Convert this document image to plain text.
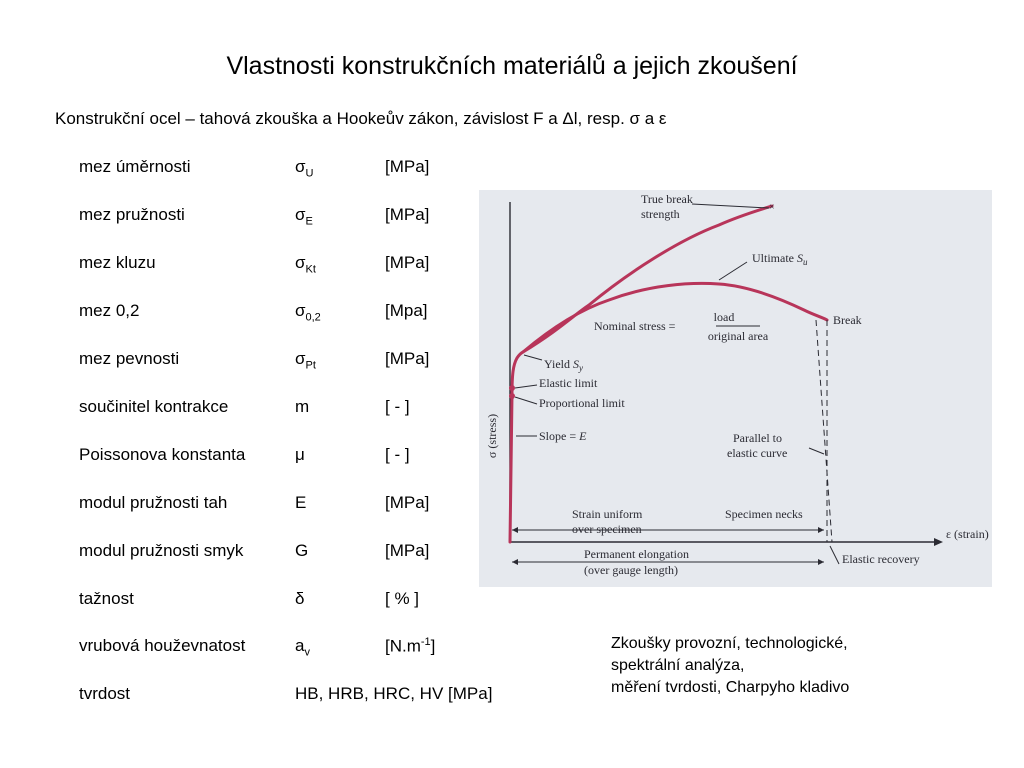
Vlastnosti konstrukčních materiálů a jejich zkoušení
Konstrukční ocel – tahová zkouška a Hookeův zákon, závislost F a Δl, resp. σ a ε
mez úměrnosti	$\sigma_U$	[MPa]
mez pružnosti	$\sigma_E$	[MPa]
mez kluzu	$\sigma_{Kt}$	[MPa]
mez 0,2	$\sigma_{0,2}$	[Mpa]
mez pevnosti	$\sigma_{Pt}$	[MPa]
součinitel kontrakce	m	[ - ]
Poissonova konstanta	μ	[ - ]
modul pružnosti tah	E	[MPa]
modul pružnosti smyk	G	[MPa]
tažnost	δ	[ % ]
vrubová houževnatost	$a_v$	$[N.m^{-1}]$
tvrdost	HB, HRB, HRC, HV [MPa]
×
σ (stress)
ε (strain)
True break
strength
Ultimate $S_u$
Break
Nominal stress =
load
original area
Yield $S_y$
Elastic limit
Proportional limit
Slope = E	Parallel to
elastic curve
Strain uniform
over specimen
Specimen necks
Permanent elongation
(over gauge length)
Elastic recovery
Zkoušky provozní, technologické,
spektrální analýza,
měření tvrdosti, Charpyho kladivo
